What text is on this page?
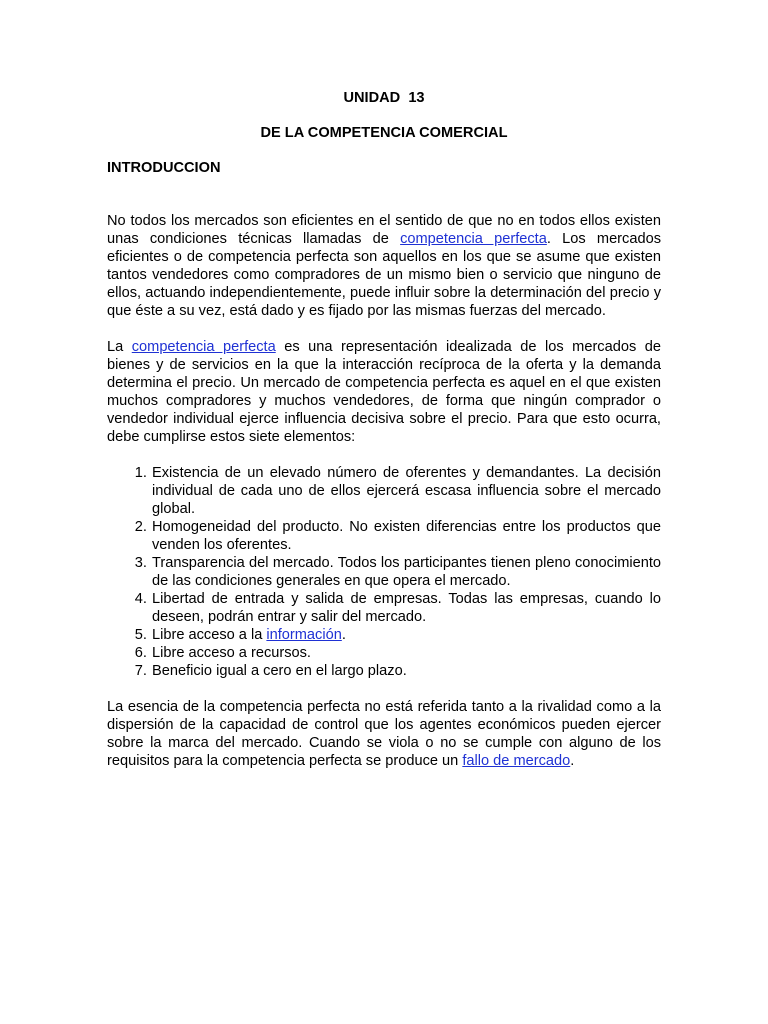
UNIDAD  13
DE LA COMPETENCIA COMERCIAL
INTRODUCCION

No todos los mercados son eficientes en el sentido de que no en todos ellos existen unas condiciones técnicas llamadas de competencia perfecta. Los mercados eficientes o de competencia perfecta son aquellos en los que se asume que existen tantos vendedores como compradores de un mismo bien o servicio que ninguno de ellos, actuando independientemente, puede influir sobre la determinación del precio y que éste a su vez, está dado y es fijado por las mismas fuerzas del mercado.

La competencia perfecta es una representación idealizada de los mercados de bienes y de servicios en la que la interacción recíproca de la oferta y la demanda determina el precio. Un mercado de competencia perfecta es aquel en el que existen muchos compradores y muchos vendedores, de forma que ningún comprador o vendedor individual ejerce influencia decisiva sobre el precio. Para que esto ocurra, debe cumplirse estos siete elementos:

1. Existencia de un elevado número de oferentes y demandantes. La decisión individual de cada uno de ellos ejercerá escasa influencia sobre el mercado global.
2. Homogeneidad del producto. No existen diferencias entre los productos que venden los oferentes.
3. Transparencia del mercado. Todos los participantes tienen pleno conocimiento de las condiciones generales en que opera el mercado.
4. Libertad de entrada y salida de empresas. Todas las empresas, cuando lo deseen, podrán entrar y salir del mercado.
5. Libre acceso a la información.
6. Libre acceso a recursos.
7. Beneficio igual a cero en el largo plazo.

La esencia de la competencia perfecta no está referida tanto a la rivalidad como a la dispersión de la capacidad de control que los agentes económicos pueden ejercer sobre la marca del mercado. Cuando se viola o no se cumple con alguno de los requisitos para la competencia perfecta se produce un fallo de mercado.
